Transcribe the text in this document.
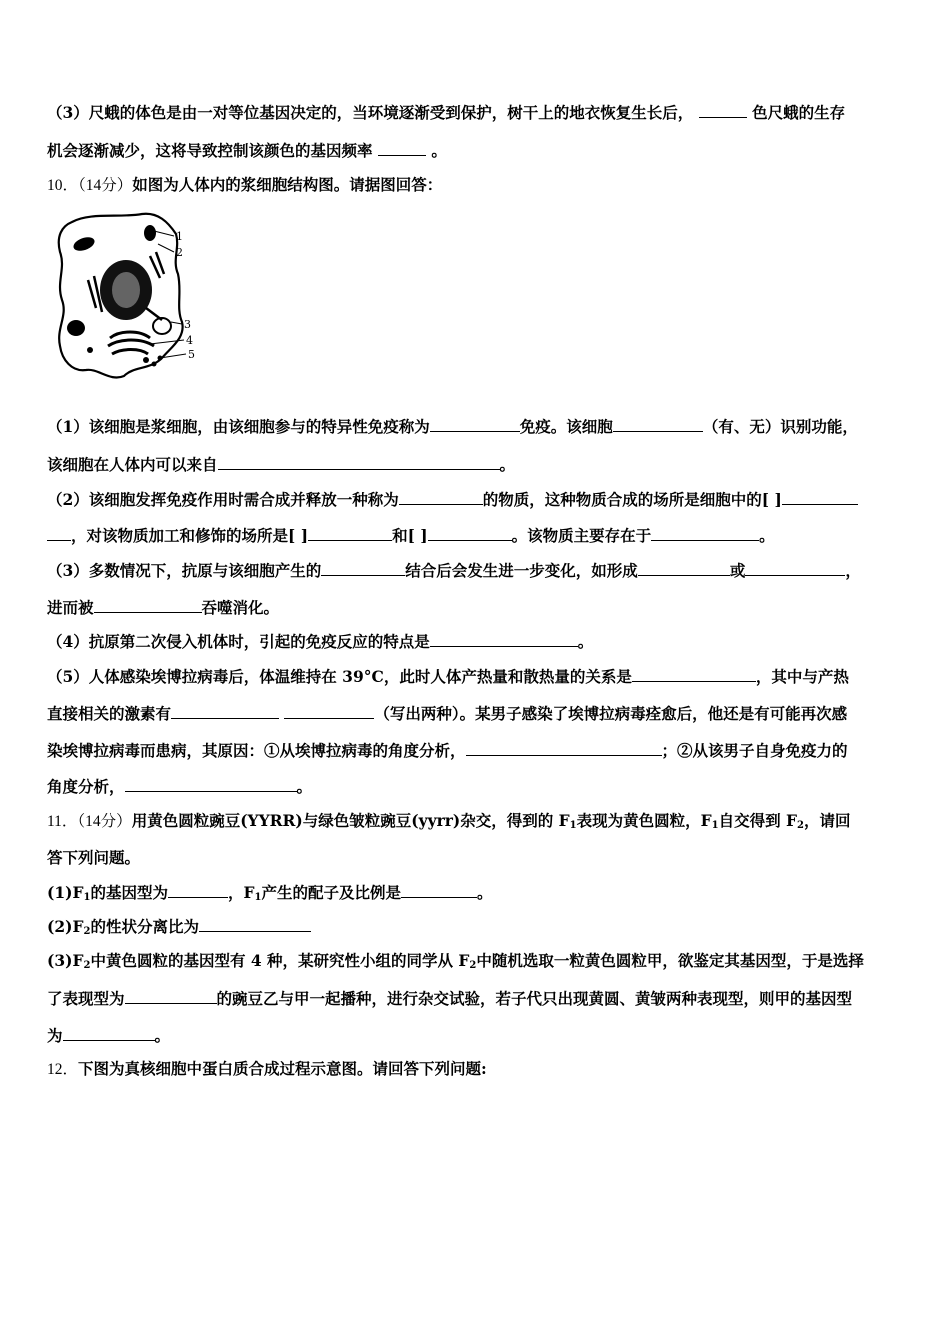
（3）尺蛾的体色是由一对等位基因决定的，当环境逐渐受到保护，树干上的地衣恢复生长后，	色尺蛾的生存
机会逐渐减少，这将导致控制该颜色的基因频率	。
10．（14分）如图为人体内的浆细胞结构图。请据图回答：
1
2
3
4
5
（1）该细胞是浆细胞，由该细胞参与的特异性免疫称为	免疫。该细胞	（有、无）识别功能，
该细胞在人体内可以来自	。
（2）该细胞发挥免疫作用时需合成并释放一种称为	的物质，这种物质合成的场所是细胞中的[ ]
，对该物质加工和修饰的场所是[ ]	和[ ]	。该物质主要存在于	。
（3）多数情况下，抗原与该细胞产生的	结合后会发生进一步变化，如形成	或	，
进而被	吞噬消化。
（4）抗原第二次侵入机体时，引起的免疫反应的特点是	。
（5）人体感染埃博拉病毒后，体温维持在 39°C，此时人体产热量和散热量的关系是	，其中与产热
直接相关的激素有	（写出两种）。某男子感染了埃博拉病毒痊愈后，他还是有可能再次感
染埃博拉病毒而患病，其原因：①从埃博拉病毒的角度分析，	；②从该男子自身免疫力的
角度分析，	。
11．（14分）用黄色圆粒豌豆(YYRR)与绿色皱粒豌豆(yyrr)杂交，得到的 $F_1$表现为黄色圆粒，$F_1$自交得到 $F_2$，请回
答下列问题。
$(1)F_1$的基因型为	，$F_1$产生的配子及比例是	。
$(2)F_2$的性状分离比为
$(3)F_2$中黄色圆粒的基因型有 4 种，某研究性小组的同学从 $F_2$中随机选取一粒黄色圆粒甲，欲鉴定其基因型，于是选择
了表现型为	的豌豆乙与甲一起播种，进行杂交试验，若子代只出现黄圆、黄皱两种表现型，则甲的基因型
为	。
12．下图为真核细胞中蛋白质合成过程示意图。请回答下列问题:
